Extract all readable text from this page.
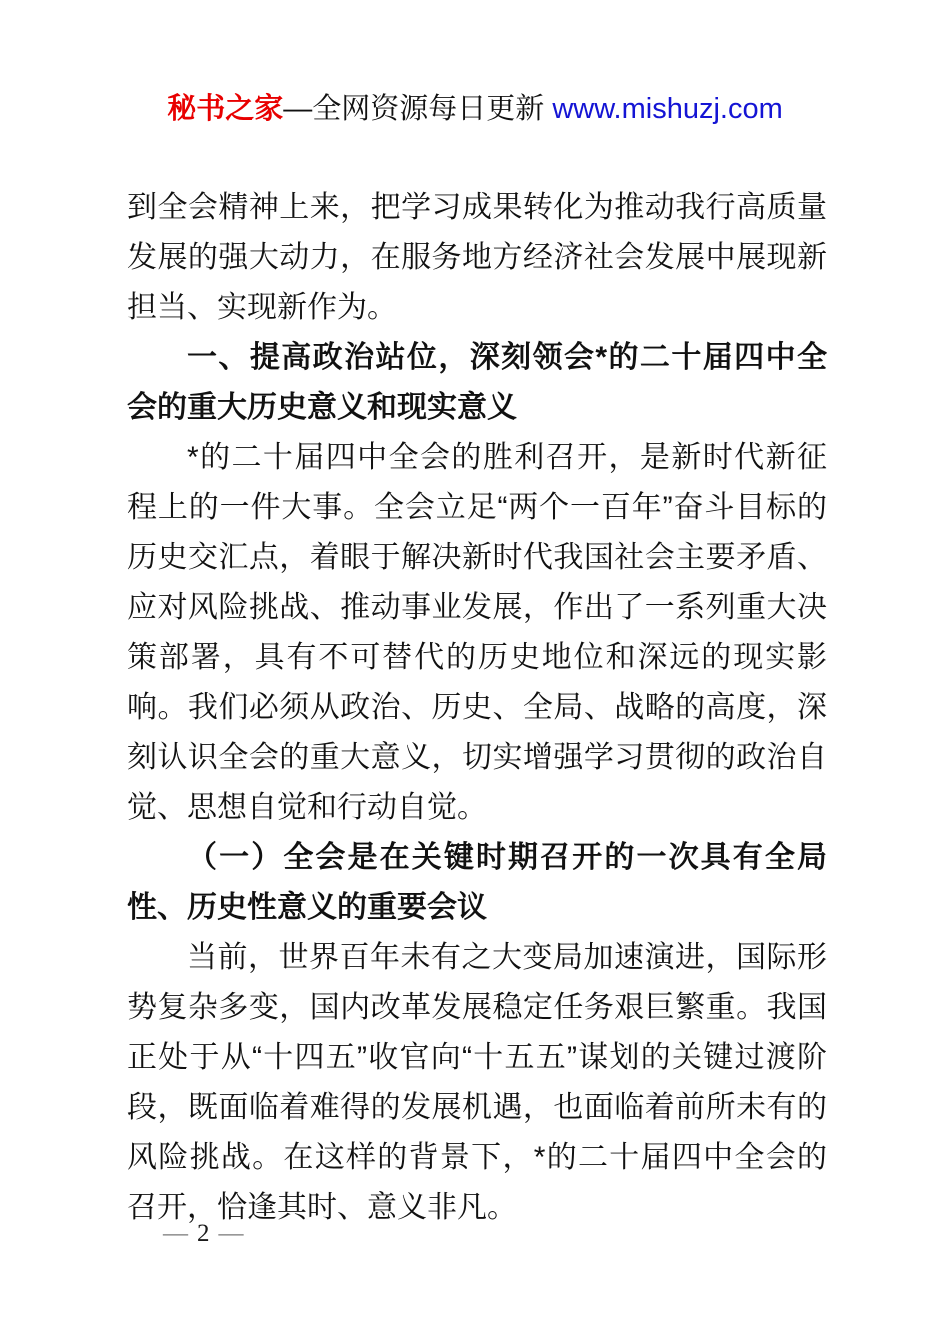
秘书之家—全网资源每日更新 www.mishuzj.com

到全会精神上来，把学习成果转化为推动我行高质量发展的强大动力，在服务地方经济社会发展中展现新担当、实现新作为。

一、提高政治站位，深刻领会*的二十届四中全会的重大历史意义和现实意义

*的二十届四中全会的胜利召开，是新时代新征程上的一件大事。全会立足“两个一百年”奋斗目标的历史交汇点，着眼于解决新时代我国社会主要矛盾、应对风险挑战、推动事业发展，作出了一系列重大决策部署，具有不可替代的历史地位和深远的现实影响。我们必须从政治、历史、全局、战略的高度，深刻认识全会的重大意义，切实增强学习贯彻的政治自觉、思想自觉和行动自觉。

（一）全会是在关键时期召开的一次具有全局性、历史性意义的重要会议

当前，世界百年未有之大变局加速演进，国际形势复杂多变，国内改革发展稳定任务艰巨繁重。我国正处于从“十四五”收官向“十五五”谋划的关键过渡阶段，既面临着难得的发展机遇，也面临着前所未有的风险挑战。在这样的背景下，*的二十届四中全会的召开，恰逢其时、意义非凡。

— 2 —
